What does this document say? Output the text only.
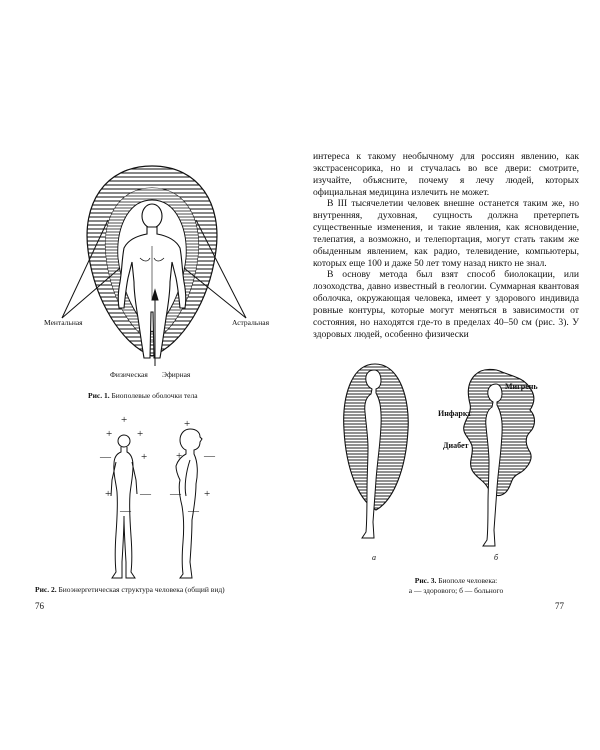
Ментальная	Астральная
Физическая Эфирная
Рис. 1. Биополевые оболочки тела
+
+ +
—	+
+	—
—
+
+ —
+
—
—
Рис. 2. Биоэнергетическая структура человека (общий вид)
76

интереса к такому необычному для россиян явлению, как экстрасенсорика, но и стучалась во все двери: смотрите, изучайте, объясните, почему я лечу людей, которых официальная медицина излечить не может.

В III тысячелетии человек внешне останется таким же, но внутренняя, духовная, сущность должна претерпеть существенные изменения, и такие явления, как ясновидение, телепатия, а возможно, и телепортация, могут стать таким же обыденным явлением, как радио, телевидение, компьютеры, которых еще 100 и даже 50 лет тому назад никто не знал.

В основу метода был взят способ биолокации, или лозоходства, давно известный в геологии. Суммарная квантовая оболочка, окружающая человека, имеет у здорового индивида ровные контуры, которые могут меняться в зависимости от состояния, но находятся где-то в пределах 40–50 см (рис. 3). У здоровых людей, особенно физически

Мигрень
Инфаркт
Диабет
а	б
Рис. 3. Биополе человека:
а — здорового; б — больного
77
